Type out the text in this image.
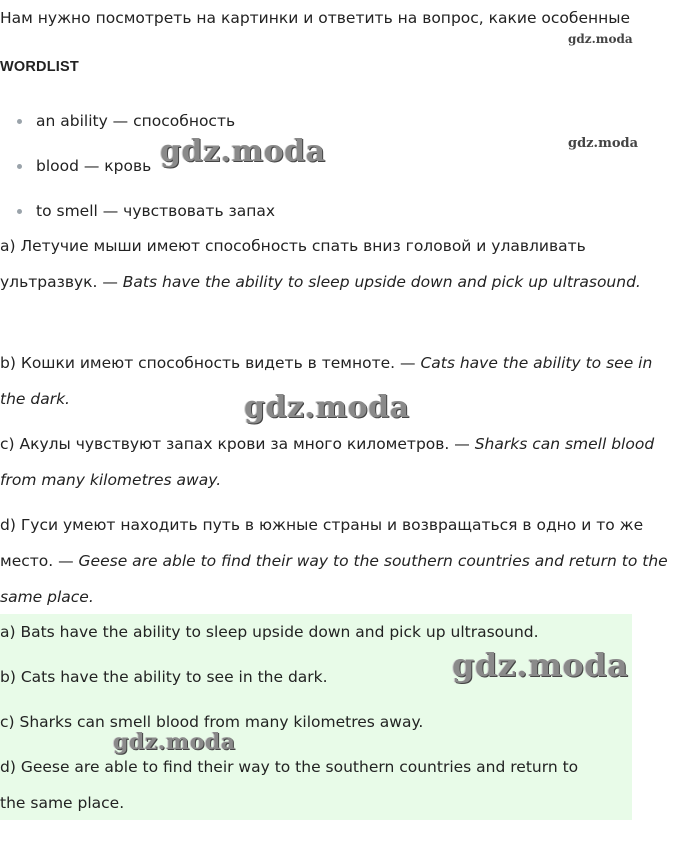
Нам нужно посмотреть на картинки и ответить на вопрос, какие особенные
WORDLIST
an ability — способность
blood — кровь
to smell — чувствовать запах

a) Летучие мыши имеют способность спать вниз головой и улавливать ультразвук. — Bats have the ability to sleep upside down and pick up ultrasound.

b) Кошки имеют способность видеть в темноте. — Cats have the ability to see in the dark.

c) Акулы чувствуют запах крови за много километров. — Sharks can smell blood from many kilometres away.

d) Гуси умеют находить путь в южные страны и возвращаться в одно и то же место. — Geese are able to find their way to the southern countries and return to the same place.

a) Bats have the ability to sleep upside down and pick up ultrasound.
b) Cats have the ability to see in the dark.
c) Sharks can smell blood from many kilometres away.
d) Geese are able to find their way to the southern countries and return to
the same place.
gdz.moda
gdz.moda
gdz.moda
gdz.moda
gdz.moda
gdz.moda
